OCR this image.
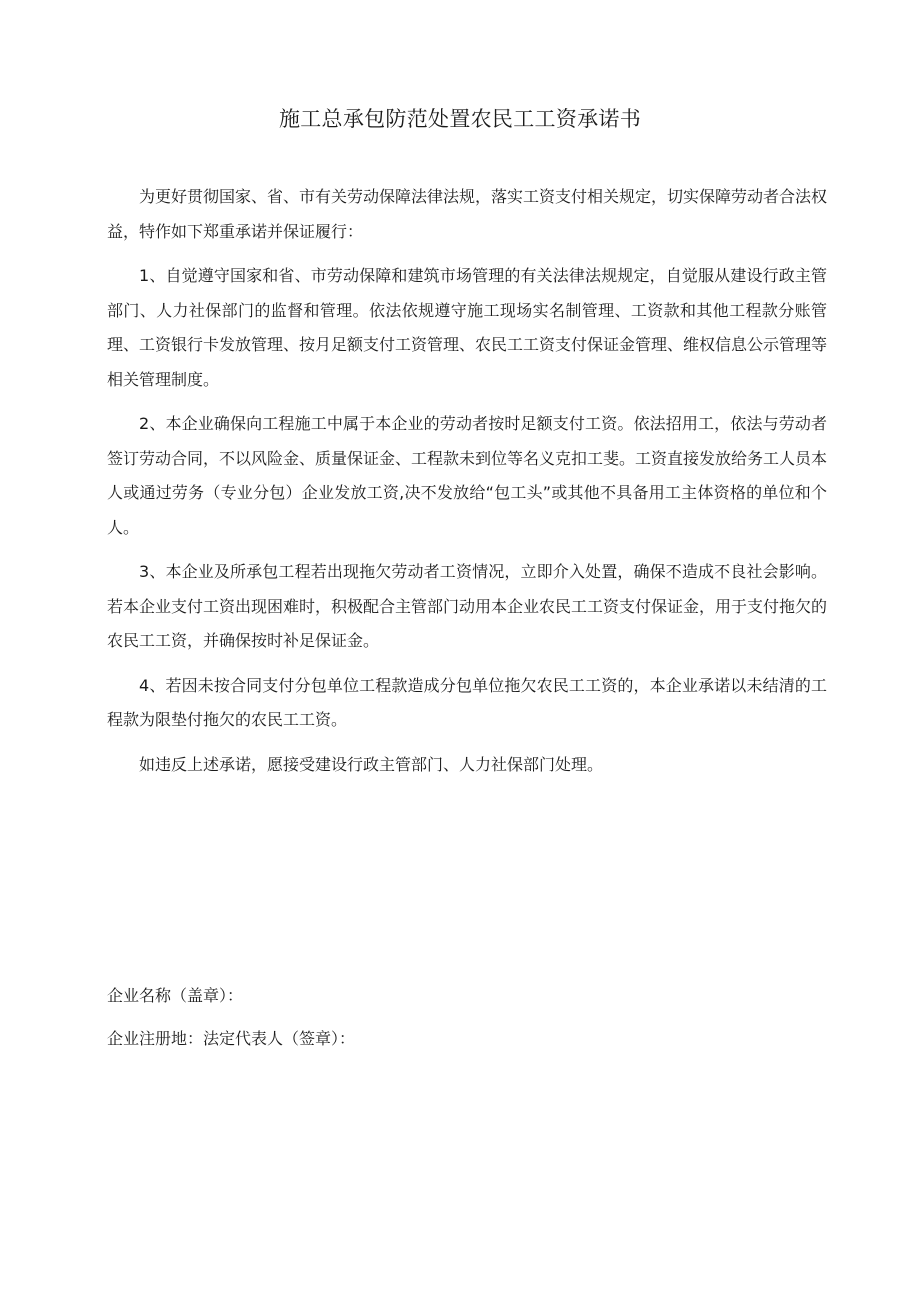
施工总承包防范处置农民工工资承诺书

为更好贯彻国家、省、市有关劳动保障法律法规，落实工资支付相关规定，切实保障劳动者合法权益，特作如下郑重承诺并保证履行：

1、自觉遵守国家和省、市劳动保障和建筑市场管理的有关法律法规规定，自觉服从建设行政主管部门、人力社保部门的监督和管理。依法依规遵守施工现场实名制管理、工资款和其他工程款分账管理、工资银行卡发放管理、按月足额支付工资管理、农民工工资支付保证金管理、维权信息公示管理等相关管理制度。

2、本企业确保向工程施工中属于本企业的劳动者按时足额支付工资。依法招用工，依法与劳动者签订劳动合同，不以风险金、质量保证金、工程款未到位等名义克扣工斐。工资直接发放给务工人员本人或通过劳务（专业分包）企业发放工资,决不发放给“包工头”或其他不具备用工主体资格的单位和个人。

3、本企业及所承包工程若出现拖欠劳动者工资情况，立即介入处置，确保不造成不良社会影响。若本企业支付工资出现困难时，积极配合主管部门动用本企业农民工工资支付保证金，用于支付拖欠的农民工工资，并确保按时补足保证金。

4、若因未按合同支付分包单位工程款造成分包单位拖欠农民工工资的，本企业承诺以未结清的工程款为限垫付拖欠的农民工工资。

如违反上述承诺，愿接受建设行政主管部门、人力社保部门处理。

企业名称（盖章）：
企业注册地：法定代表人（签章）：
